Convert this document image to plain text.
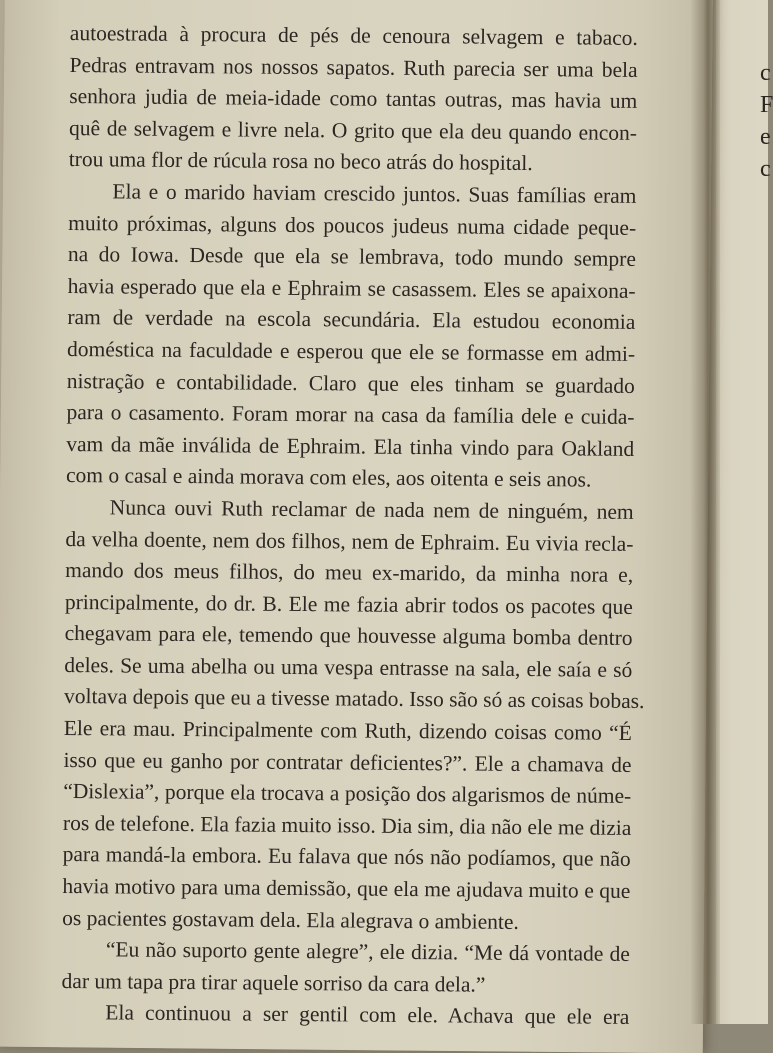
c
F
e
c

autoestrada à procura de pés de cenoura selvagem e tabaco.

Pedras entravam nos nossos sapatos. Ruth parecia ser uma bela

senhora judia de meia-idade como tantas outras, mas havia um

quê de selvagem e livre nela. O grito que ela deu quando encon-

trou uma flor de rúcula rosa no beco atrás do hospital.

Ela e o marido haviam crescido juntos. Suas famílias eram

muito próximas, alguns dos poucos judeus numa cidade peque-

na do Iowa. Desde que ela se lembrava, todo mundo sempre

havia esperado que ela e Ephraim se casassem. Eles se apaixona-

ram de verdade na escola secundária. Ela estudou economia

doméstica na faculdade e esperou que ele se formasse em admi-

nistração e contabilidade. Claro que eles tinham se guardado

para o casamento. Foram morar na casa da família dele e cuida-

vam da mãe inválida de Ephraim. Ela tinha vindo para Oakland

com o casal e ainda morava com eles, aos oitenta e seis anos.

Nunca ouvi Ruth reclamar de nada nem de ninguém, nem

da velha doente, nem dos filhos, nem de Ephraim. Eu vivia recla-

mando dos meus filhos, do meu ex-marido, da minha nora e,

principalmente, do dr. B. Ele me fazia abrir todos os pacotes que

chegavam para ele, temendo que houvesse alguma bomba dentro

deles. Se uma abelha ou uma vespa entrasse na sala, ele saía e só

voltava depois que eu a tivesse matado. Isso são só as coisas bobas.

Ele era mau. Principalmente com Ruth, dizendo coisas como “É

isso que eu ganho por contratar deficientes?”. Ele a chamava de

“Dislexia”, porque ela trocava a posição dos algarismos de núme-

ros de telefone. Ela fazia muito isso. Dia sim, dia não ele me dizia

para mandá-la embora. Eu falava que nós não podíamos, que não

havia motivo para uma demissão, que ela me ajudava muito e que

os pacientes gostavam dela. Ela alegrava o ambiente.

“Eu não suporto gente alegre”, ele dizia. “Me dá vontade de

dar um tapa pra tirar aquele sorriso da cara dela.”

Ela continuou a ser gentil com ele. Achava que ele era
